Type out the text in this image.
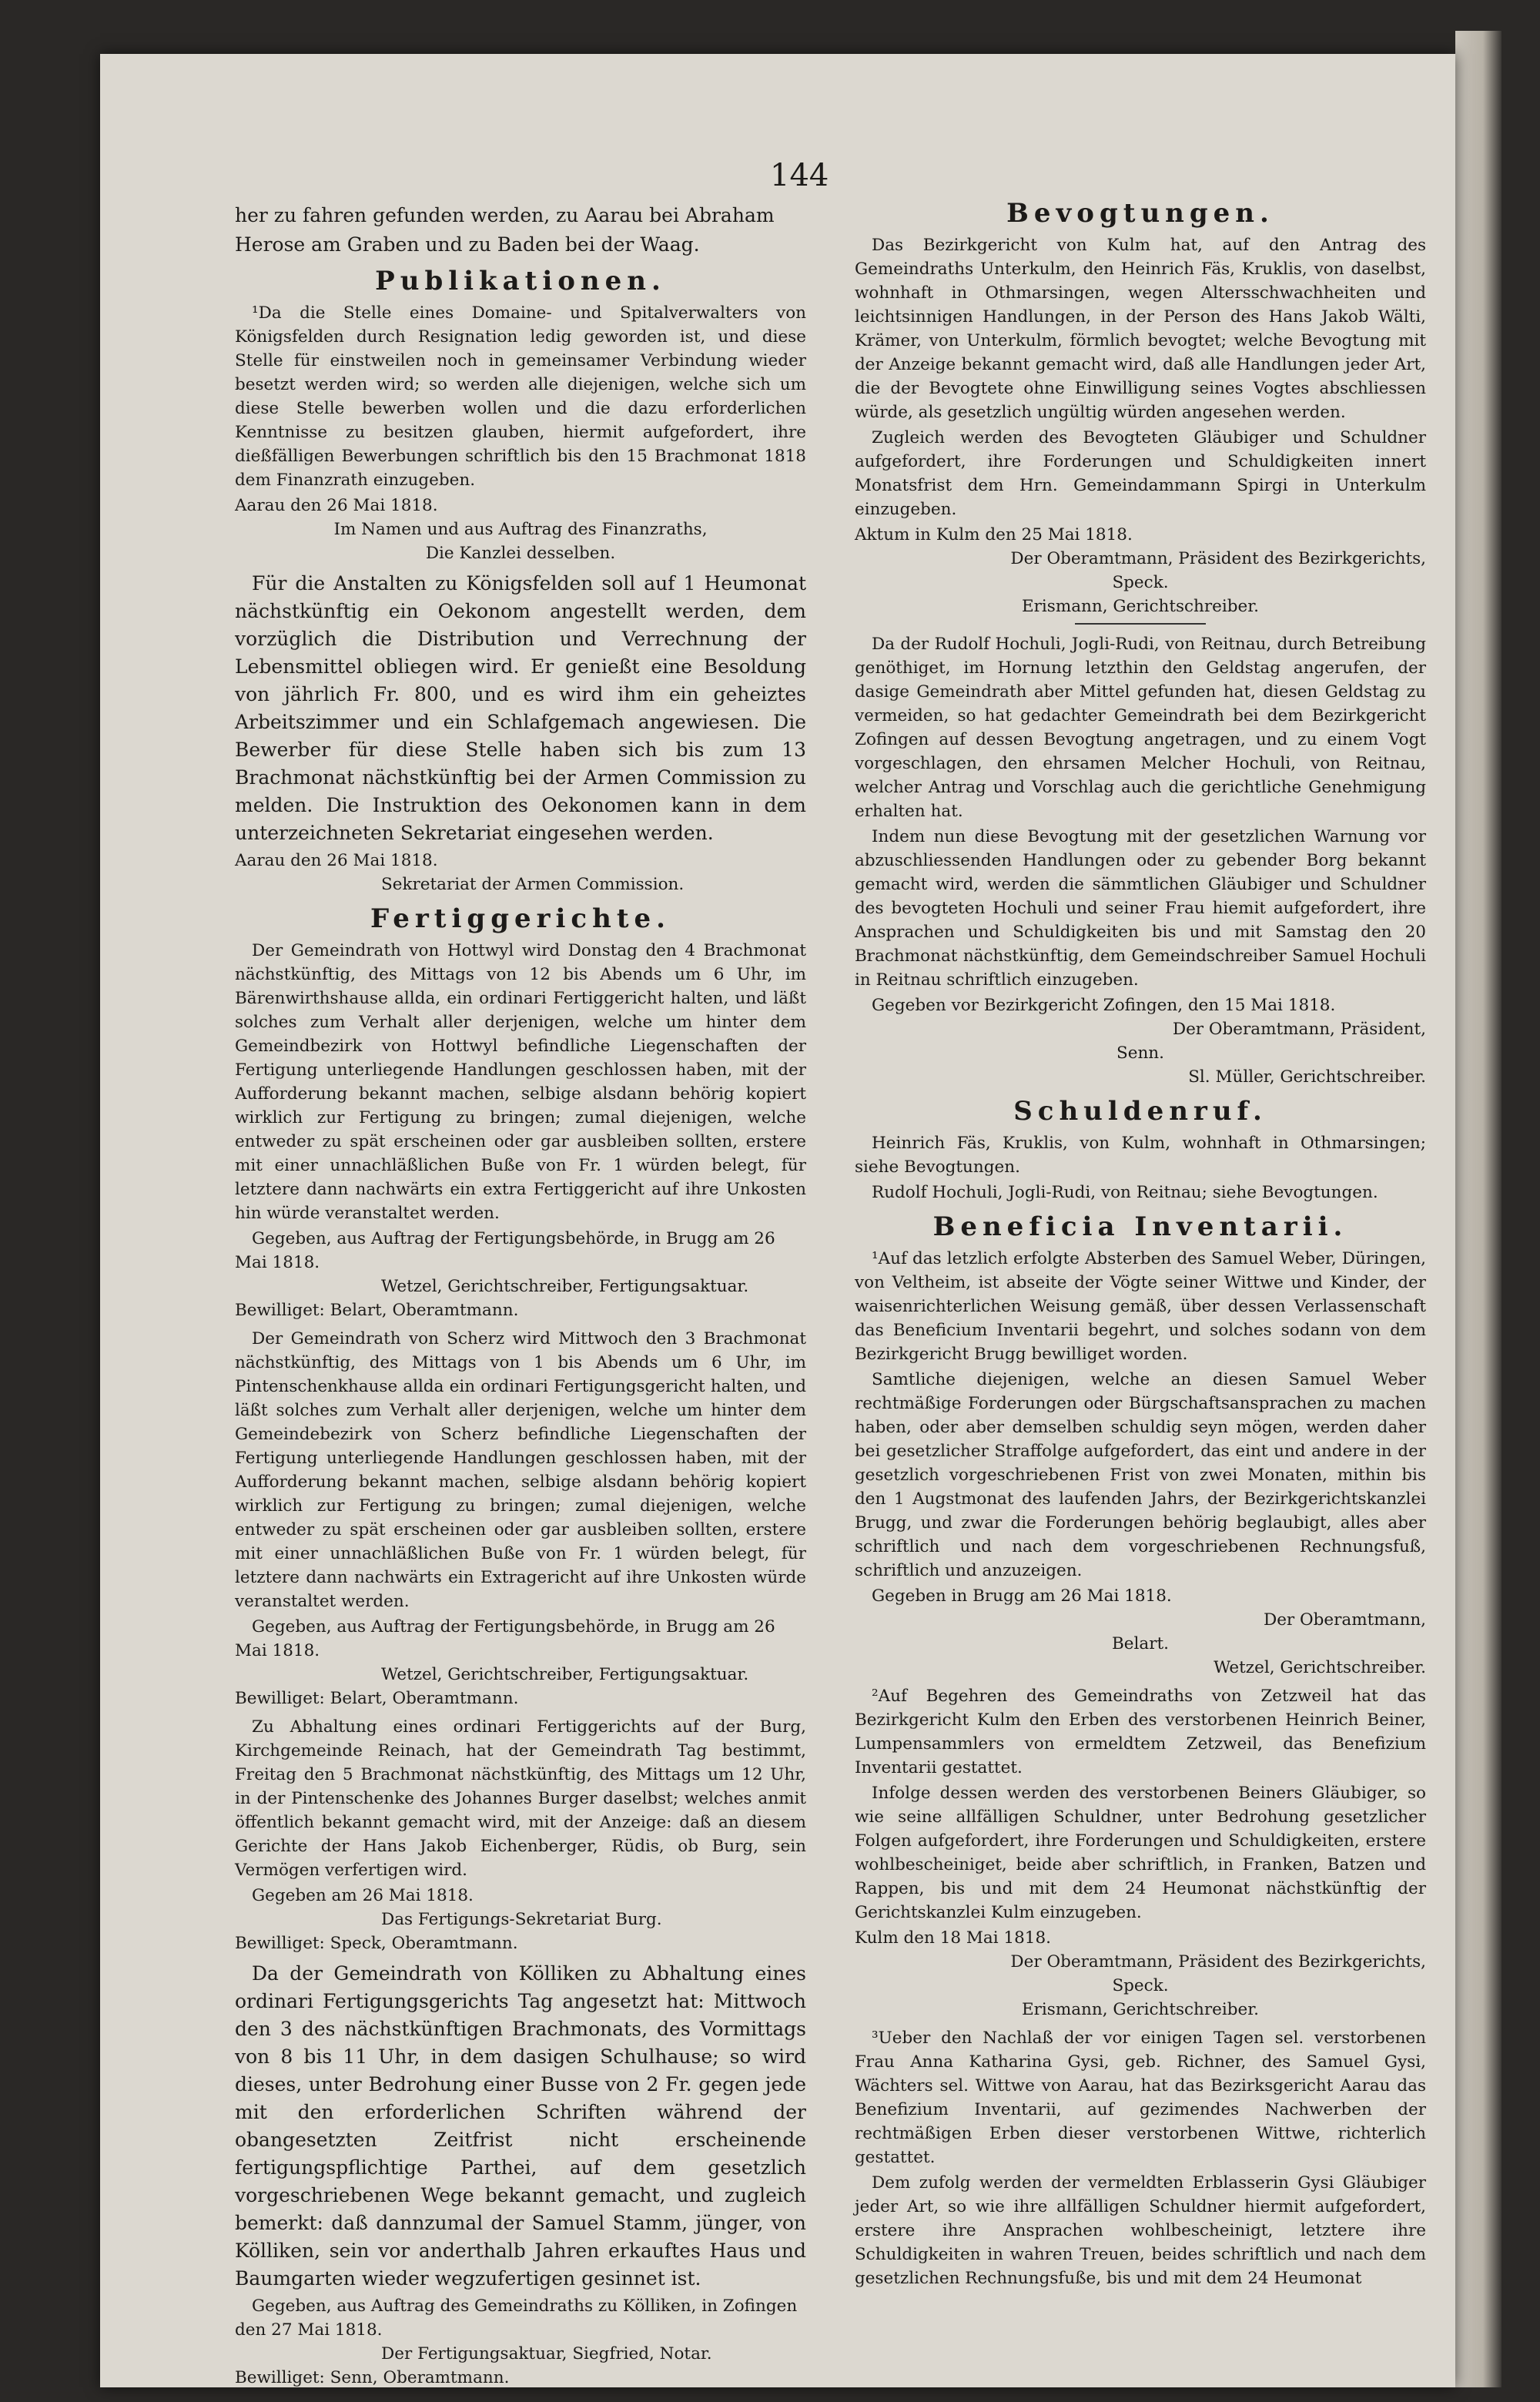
144

her zu fahren gefunden werden, zu Aarau bei Abraham

Herose am Graben und zu Baden bei der Waag.

Publikationen.

¹Da die Stelle eines Domaine- und Spitalverwalters von Königsfelden durch Resignation ledig geworden ist, und diese Stelle für einstweilen noch in gemeinsamer Verbindung wieder besetzt werden wird; so werden alle diejenigen, welche sich um diese Stelle bewerben wollen und die dazu erforderlichen Kenntnisse zu besitzen glauben, hiermit aufgefordert, ihre dießfälligen Bewerbungen schriftlich bis den 15 Brachmonat 1818 dem Finanzrath einzugeben.

Aarau den 26 Mai 1818.

Im Namen und aus Auftrag des Finanzraths,

Die Kanzlei desselben.

Für die Anstalten zu Königsfelden soll auf 1 Heumonat nächstkünftig ein Oekonom angestellt werden, dem vorzüglich die Distribution und Verrechnung der Lebensmittel obliegen wird. Er genießt eine Besoldung von jährlich Fr. 800, und es wird ihm ein geheiztes Arbeitszimmer und ein Schlafgemach angewiesen. Die Bewerber für diese Stelle haben sich bis zum 13 Brachmonat nächstkünftig bei der Armen Commission zu melden. Die Instruktion des Oekonomen kann in dem unterzeichneten Sekretariat eingesehen werden.

Aarau den 26 Mai 1818.

Sekretariat der Armen Commission.

Fertiggerichte.

Der Gemeindrath von Hottwyl wird Donstag den 4 Brachmonat nächstkünftig, des Mittags von 12 bis Abends um 6 Uhr, im Bärenwirthshause allda, ein ordinari Fertiggericht halten, und läßt solches zum Verhalt aller derjenigen, welche um hinter dem Gemeindbezirk von Hottwyl befindliche Liegenschaften der Fertigung unterliegende Handlungen geschlossen haben, mit der Aufforderung bekannt machen, selbige alsdann behörig kopiert wirklich zur Fertigung zu bringen; zumal diejenigen, welche entweder zu spät erscheinen oder gar ausbleiben sollten, erstere mit einer unnachläßlichen Buße von Fr. 1 würden belegt, für letztere dann nachwärts ein extra Fertiggericht auf ihre Unkosten hin würde veranstaltet werden.

Gegeben, aus Auftrag der Fertigungsbehörde, in Brugg am 26 Mai 1818.

Wetzel, Gerichtschreiber, Fertigungsaktuar.

Bewilliget: Belart, Oberamtmann.

Der Gemeindrath von Scherz wird Mittwoch den 3 Brachmonat nächstkünftig, des Mittags von 1 bis Abends um 6 Uhr, im Pintenschenkhause allda ein ordinari Fertigungsgericht halten, und läßt solches zum Verhalt aller derjenigen, welche um hinter dem Gemeindebezirk von Scherz befindliche Liegenschaften der Fertigung unterliegende Handlungen geschlossen haben, mit der Aufforderung bekannt machen, selbige alsdann behörig kopiert wirklich zur Fertigung zu bringen; zumal diejenigen, welche entweder zu spät erscheinen oder gar ausbleiben sollten, erstere mit einer unnachläßlichen Buße von Fr. 1 würden belegt, für letztere dann nachwärts ein Extragericht auf ihre Unkosten würde veranstaltet werden.

Gegeben, aus Auftrag der Fertigungsbehörde, in Brugg am 26 Mai 1818.

Wetzel, Gerichtschreiber, Fertigungsaktuar.

Bewilliget: Belart, Oberamtmann.

Zu Abhaltung eines ordinari Fertiggerichts auf der Burg, Kirchgemeinde Reinach, hat der Gemeindrath Tag bestimmt, Freitag den 5 Brachmonat nächstkünftig, des Mittags um 12 Uhr, in der Pintenschenke des Johannes Burger daselbst; welches anmit öffentlich bekannt gemacht wird, mit der Anzeige: daß an diesem Gerichte der Hans Jakob Eichenberger, Rüdis, ob Burg, sein Vermögen verfertigen wird.

Gegeben am 26 Mai 1818.

Das Fertigungs-Sekretariat Burg.

Bewilliget: Speck, Oberamtmann.

Da der Gemeindrath von Kölliken zu Abhaltung eines ordinari Fertigungsgerichts Tag angesetzt hat: Mittwoch den 3 des nächstkünftigen Brachmonats, des Vormittags von 8 bis 11 Uhr, in dem dasigen Schulhause; so wird dieses, unter Bedrohung einer Busse von 2 Fr. gegen jede mit den erforderlichen Schriften während der obangesetzten Zeitfrist nicht erscheinende fertigungspflichtige Parthei, auf dem gesetzlich vorgeschriebenen Wege bekannt gemacht, und zugleich bemerkt: daß dannzumal der Samuel Stamm, jünger, von Kölliken, sein vor anderthalb Jahren erkauftes Haus und Baumgarten wieder wegzufertigen gesinnet ist.

Gegeben, aus Auftrag des Gemeindraths zu Kölliken, in Zofingen den 27 Mai 1818.

Der Fertigungsaktuar, Siegfried, Notar.

Bewilliget: Senn, Oberamtmann.

Bevogtungen.

Das Bezirkgericht von Kulm hat, auf den Antrag des Gemeindraths Unterkulm, den Heinrich Fäs, Kruklis, von daselbst, wohnhaft in Othmarsingen, wegen Altersschwachheiten und leichtsinnigen Handlungen, in der Person des Hans Jakob Wälti, Krämer, von Unterkulm, förmlich bevogtet; welche Bevogtung mit der Anzeige bekannt gemacht wird, daß alle Handlungen jeder Art, die der Bevogtete ohne Einwilligung seines Vogtes abschliessen würde, als gesetzlich ungültig würden angesehen werden.

Zugleich werden des Bevogteten Gläubiger und Schuldner aufgefordert, ihre Forderungen und Schuldigkeiten innert Monatsfrist dem Hrn. Gemeindammann Spirgi in Unterkulm einzugeben.

Aktum in Kulm den 25 Mai 1818.

Der Oberamtmann, Präsident des Bezirkgerichts,

Speck.

Erismann, Gerichtschreiber.

Da der Rudolf Hochuli, Jogli-Rudi, von Reitnau, durch Betreibung genöthiget, im Hornung letzthin den Geldstag angerufen, der dasige Gemeindrath aber Mittel gefunden hat, diesen Geldstag zu vermeiden, so hat gedachter Gemeindrath bei dem Bezirkgericht Zofingen auf dessen Bevogtung angetragen, und zu einem Vogt vorgeschlagen, den ehrsamen Melcher Hochuli, von Reitnau, welcher Antrag und Vorschlag auch die gerichtliche Genehmigung erhalten hat.

Indem nun diese Bevogtung mit der gesetzlichen Warnung vor abzuschliessenden Handlungen oder zu gebender Borg bekannt gemacht wird, werden die sämmtlichen Gläubiger und Schuldner des bevogteten Hochuli und seiner Frau hiemit aufgefordert, ihre Ansprachen und Schuldigkeiten bis und mit Samstag den 20 Brachmonat nächstkünftig, dem Gemeindschreiber Samuel Hochuli in Reitnau schriftlich einzugeben.

Gegeben vor Bezirkgericht Zofingen, den 15 Mai 1818.

Der Oberamtmann, Präsident,

Senn.

Sl. Müller, Gerichtschreiber.

Schuldenruf.

Heinrich Fäs, Kruklis, von Kulm, wohnhaft in Othmarsingen; siehe Bevogtungen.

Rudolf Hochuli, Jogli-Rudi, von Reitnau; siehe Bevogtungen.

Beneficia Inventarii.

¹Auf das letzlich erfolgte Absterben des Samuel Weber, Düringen, von Veltheim, ist abseite der Vögte seiner Wittwe und Kinder, der waisenrichterlichen Weisung gemäß, über dessen Verlassenschaft das Beneficium Inventarii begehrt, und solches sodann von dem Bezirkgericht Brugg bewilliget worden.

Samtliche diejenigen, welche an diesen Samuel Weber rechtmäßige Forderungen oder Bürgschaftsansprachen zu machen haben, oder aber demselben schuldig seyn mögen, werden daher bei gesetzlicher Straffolge aufgefordert, das eint und andere in der gesetzlich vorgeschriebenen Frist von zwei Monaten, mithin bis den 1 Augstmonat des laufenden Jahrs, der Bezirkgerichtskanzlei Brugg, und zwar die Forderungen behörig beglaubigt, alles aber schriftlich und nach dem vorgeschriebenen Rechnungsfuß, schriftlich und anzuzeigen.

Gegeben in Brugg am 26 Mai 1818.

Der Oberamtmann,

Belart.

Wetzel, Gerichtschreiber.

²Auf Begehren des Gemeindraths von Zetzweil hat das Bezirkgericht Kulm den Erben des verstorbenen Heinrich Beiner, Lumpensammlers von ermeldtem Zetzweil, das Benefizium Inventarii gestattet.

Infolge dessen werden des verstorbenen Beiners Gläubiger, so wie seine allfälligen Schuldner, unter Bedrohung gesetzlicher Folgen aufgefordert, ihre Forderungen und Schuldigkeiten, erstere wohlbescheiniget, beide aber schriftlich, in Franken, Batzen und Rappen, bis und mit dem 24 Heumonat nächstkünftig der Gerichtskanzlei Kulm einzugeben.

Kulm den 18 Mai 1818.

Der Oberamtmann, Präsident des Bezirkgerichts,

Speck.

Erismann, Gerichtschreiber.

³Ueber den Nachlaß der vor einigen Tagen sel. verstorbenen Frau Anna Katharina Gysi, geb. Richner, des Samuel Gysi, Wächters sel. Wittwe von Aarau, hat das Bezirksgericht Aarau das Benefizium Inventarii, auf gezimendes Nachwerben der rechtmäßigen Erben dieser verstorbenen Wittwe, richterlich gestattet.

Dem zufolg werden der vermeldten Erblasserin Gysi Gläubiger jeder Art, so wie ihre allfälligen Schuldner hiermit aufgefordert, erstere ihre Ansprachen wohlbescheinigt, letztere ihre Schuldigkeiten in wahren Treuen, beides schriftlich und nach dem gesetzlichen Rechnungsfuße, bis und mit dem 24 Heumonat
